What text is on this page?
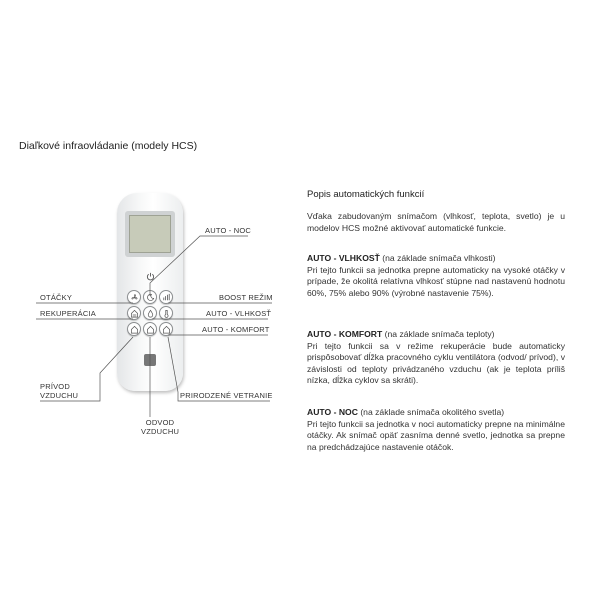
Diaľkové infraovládanie (modely HCS)
AUTO - NOC
OTÁČKY	BOOST REŽIM
REKUPERÁCIA	AUTO - VLHKOSŤ
AUTO - KOMFORT
PRÍVOD
VZDUCHU	PRIRODZENÉ VETRANIE
ODVOD
VZDUCHU
Popis automatických funkcií
Vďaka zabudovaným snímačom (vlhkosť, teplota, svetlo) je u modelov HCS možné aktivovať automatické funkcie.
AUTO - VLHKOSŤ (na základe snímača vlhkosti)
Pri tejto funkcii sa jednotka prepne automaticky na vysoké otáčky v prípade, že okolitá relatívna vlhkosť stúpne nad nastavenú hodnotu 60%, 75% alebo 90% (výrobné nastavenie 75%).
AUTO - KOMFORT (na základe snímača teploty)
Pri tejto funkcii sa v režime rekuperácie bude automaticky prispôsobovať dĺžka pracovného cyklu ventilátora (odvod/ prívod), v závislosti od teploty privádzaného vzduchu (ak je teplota príliš nízka, dĺžka cyklov sa skráti).
AUTO - NOC (na základe snímača okolitého svetla)
Pri tejto funkcii sa jednotka v noci automaticky prepne na minimálne otáčky. Ak snímač opäť zasníma denné svetlo, jednotka sa prepne na predchádzajúce nastavenie otáčok.
